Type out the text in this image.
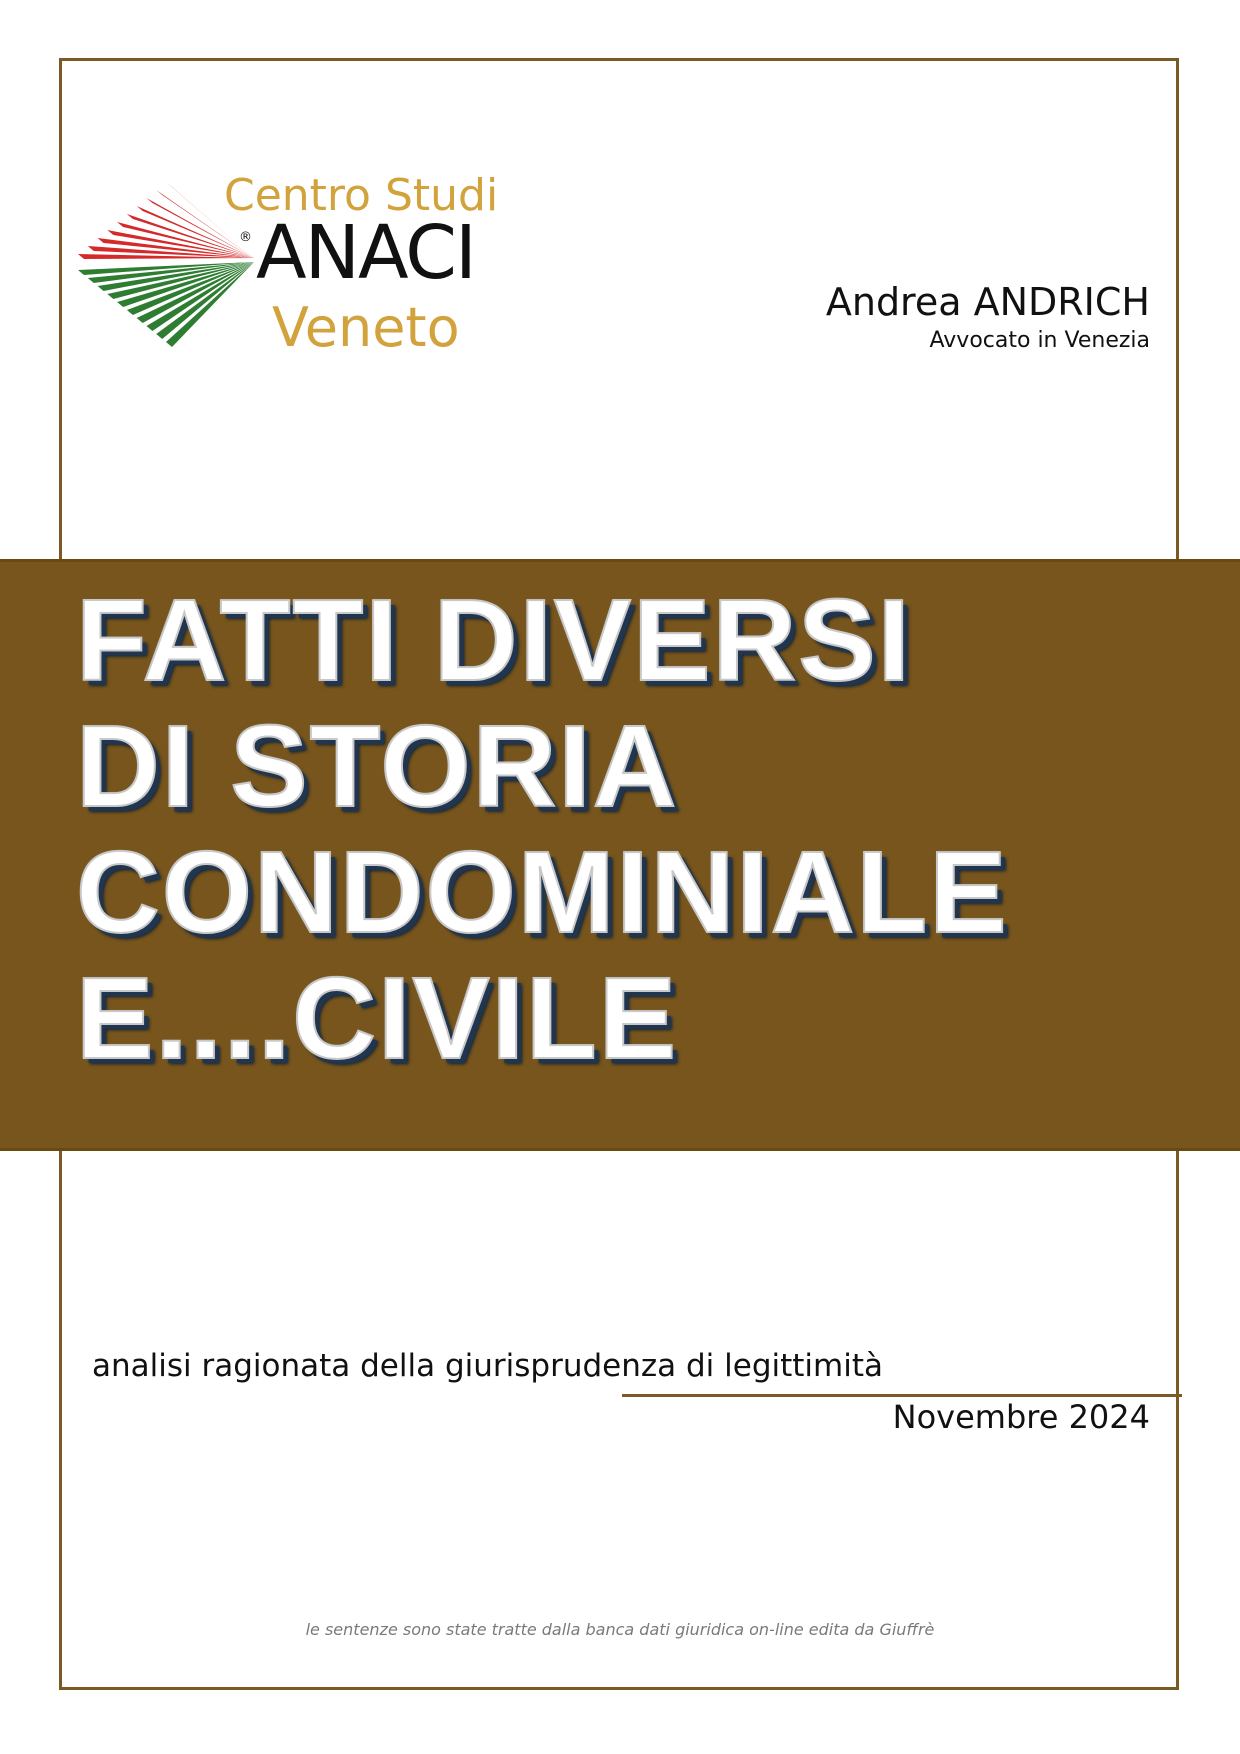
Centro Studi
® ANACI
Veneto	Andrea ANDRICH
Avvocato in Venezia
FATTI DIVERSI
DI STORIA
CONDOMINIALE
E....CIVILE
analisi ragionata della giurisprudenza di legittimità
Novembre 2024
le sentenze sono state tratte dalla banca dati giuridica on-line edita da Giuffrè
